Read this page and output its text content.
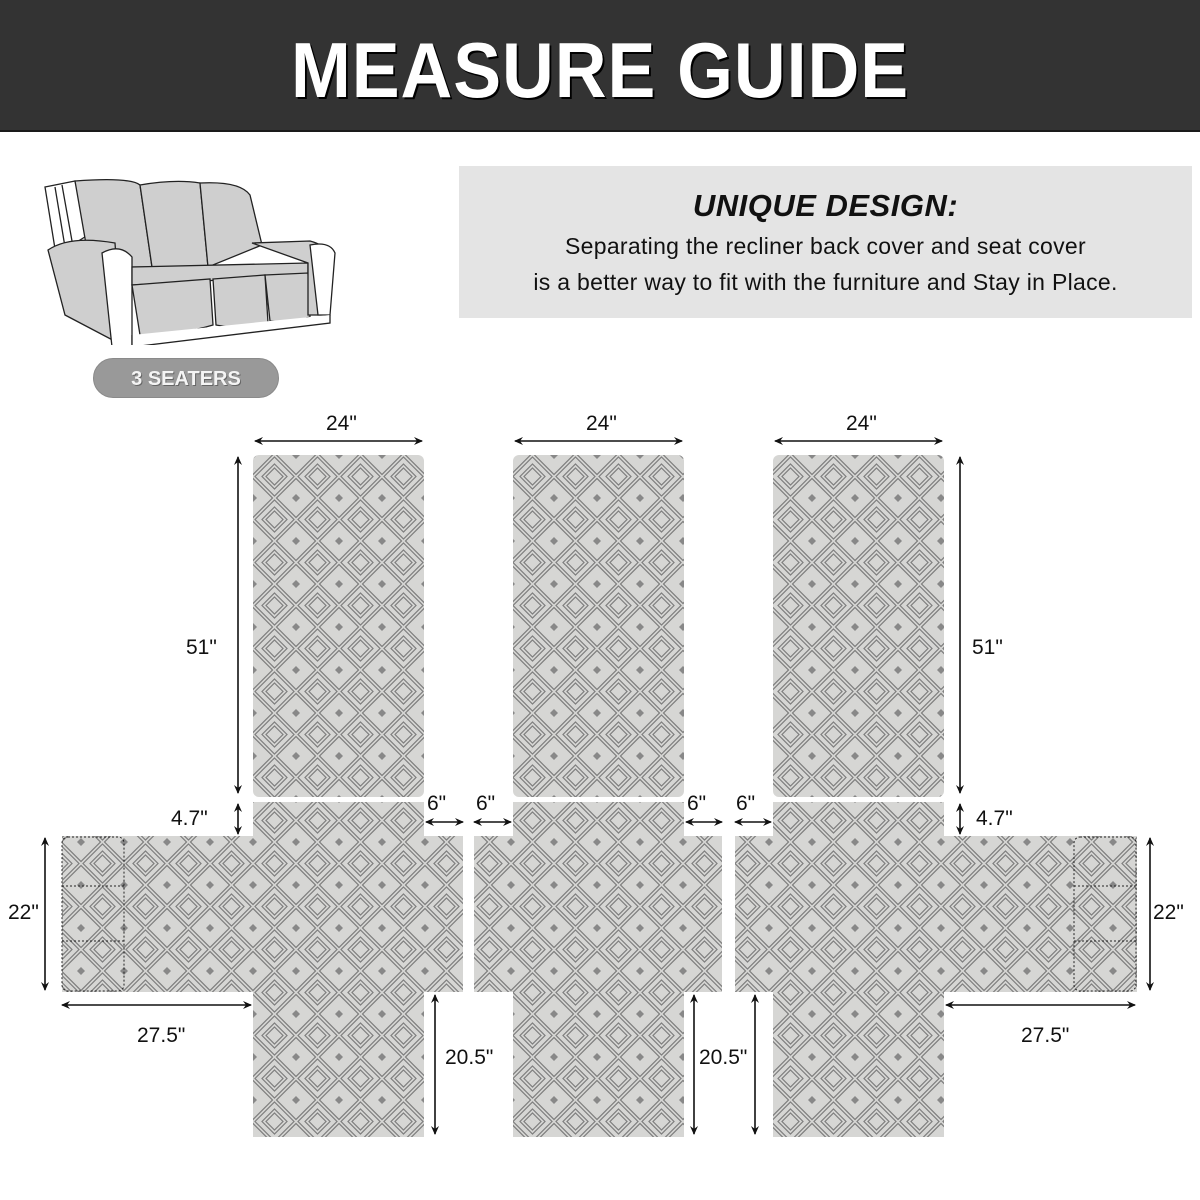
MEASURE GUIDE
3 SEATERS
UNIQUE DESIGN:
Separating the recliner back cover and seat cover
is a better way to fit with the furniture and Stay in Place.
24"	24"	24"
51"	51"
4.7"	4.7"
6" 6"	6" 6"
22"	22"
27.5"	27.5"
20.5"	20.5"
